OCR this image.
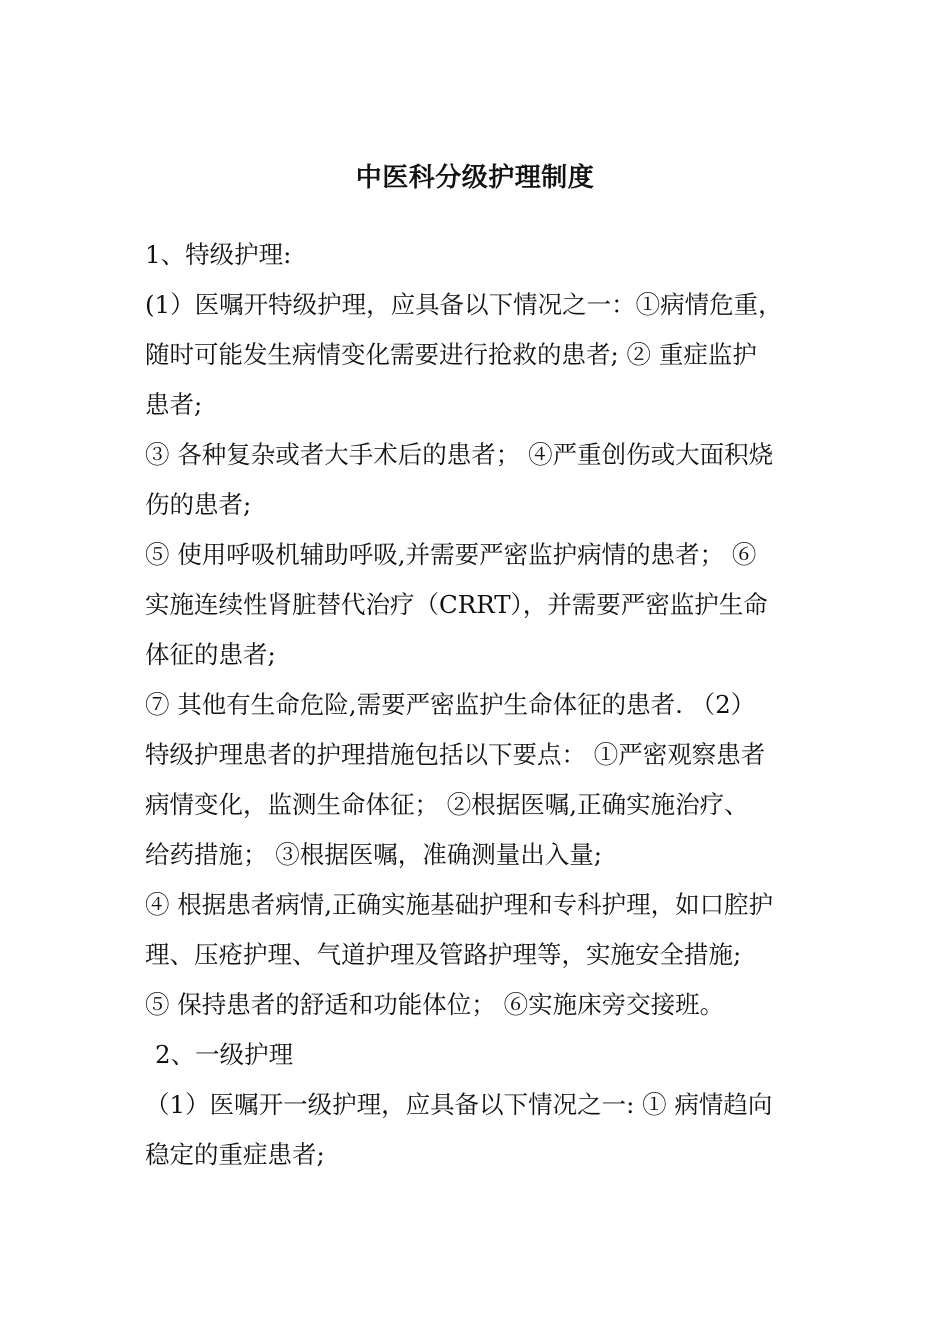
中医科分级护理制度
1、特级护理:
(1）医嘱开特级护理，应具备以下情况之一：①病情危重，
随时可能发生病情变化需要进行抢救的患者; ② 重症监护
患者;
③ 各种复杂或者大手术后的患者； ④严重创伤或大面积烧
伤的患者;
⑤ 使用呼吸机辅助呼吸,并需要严密监护病情的患者； ⑥
实施连续性肾脏替代治疗（CRRT），并需要严密监护生命
体征的患者;
⑦ 其他有生命危险,需要严密监护生命体征的患者. （2）
特级护理患者的护理措施包括以下要点： ①严密观察患者
病情变化，监测生命体征； ②根据医嘱,正确实施治疗、
给药措施； ③根据医嘱，准确测量出入量;
④ 根据患者病情,正确实施基础护理和专科护理，如口腔护
理、压疮护理、气道护理及管路护理等，实施安全措施;
⑤ 保持患者的舒适和功能体位； ⑥实施床旁交接班。
2、一级护理
（1）医嘱开一级护理，应具备以下情况之一: ① 病情趋向
稳定的重症患者;
